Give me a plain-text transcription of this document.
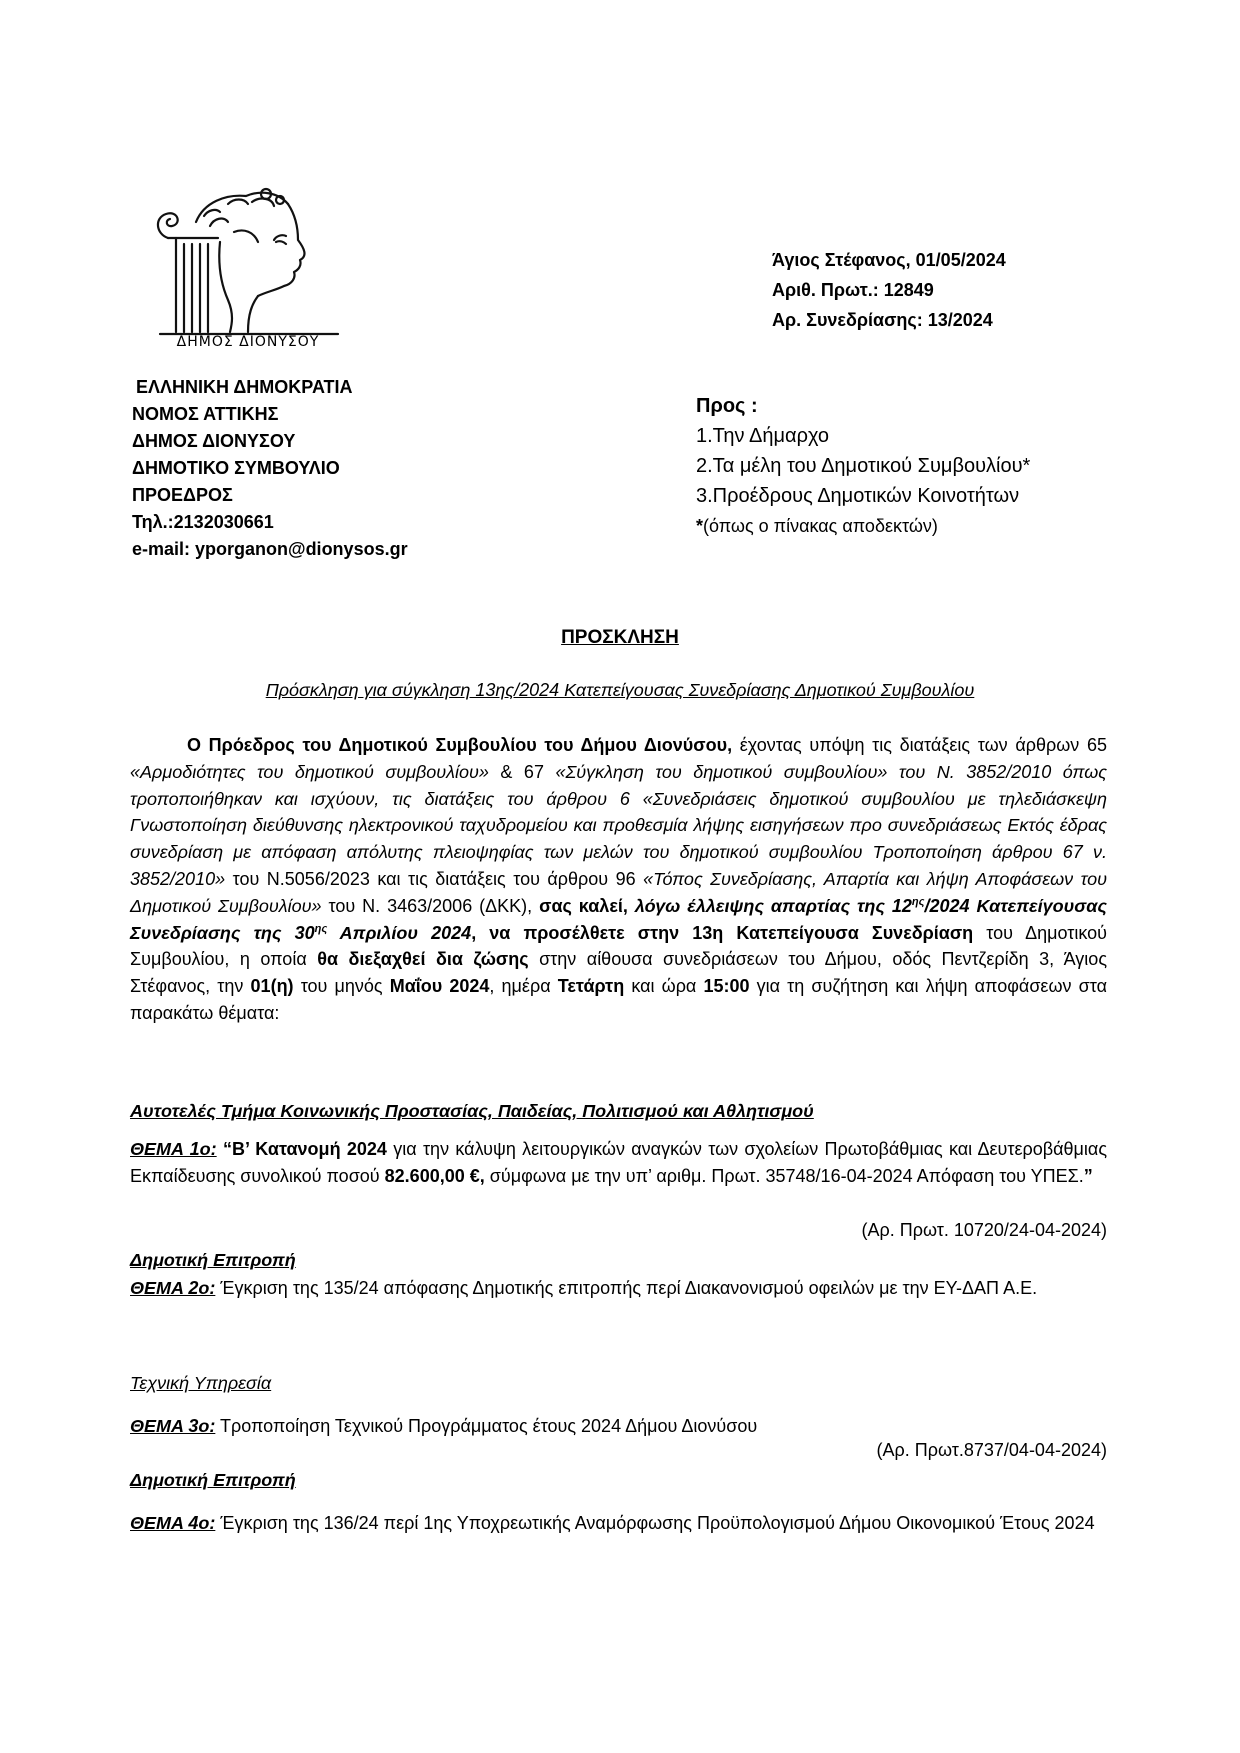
ΔΗΜΟΣ ΔΙΟΝΥΣΟΥ
Άγιος Στέφανος, 01/05/2024
Αριθ. Πρωτ.: 12849
Αρ. Συνεδρίασης: 13/2024
ΕΛΛΗΝΙΚΗ ΔΗΜΟΚΡΑΤΙΑ
ΝΟΜΟΣ ΑΤΤΙΚΗΣ
ΔΗΜΟΣ ΔΙΟΝΥΣΟΥ
ΔΗΜΟΤΙΚΟ ΣΥΜΒΟΥΛΙΟ
ΠΡΟΕΔΡΟΣ
Τηλ.:2132030661
e-mail: yporganon@dionysos.gr
Προς :
1.Την Δήμαρχο
2.Τα μέλη του Δημοτικού Συμβουλίου*
3.Προέδρους Δημοτικών Κοινοτήτων
*(όπως ο πίνακας αποδεκτών)
ΠΡΟΣΚΛΗΣΗ
Πρόσκληση για σύγκληση 13ης/2024 Κατεπείγουσας Συνεδρίασης Δημοτικού Συμβουλίου
Ο Πρόεδρος του Δημοτικού Συμβουλίου του Δήμου Διονύσου, έχοντας υπόψη τις διατάξεις των άρθρων 65 «Αρμοδιότητες του δημοτικού συμβουλίου» & 67 «Σύγκληση του δημοτικού συμβουλίου» του Ν. 3852/2010 όπως τροποποιήθηκαν και ισχύουν, τις διατάξεις του άρθρου 6 «Συνεδριάσεις δημοτικού συμβουλίου με τηλεδιάσκεψη Γνωστοποίηση διεύθυνσης ηλεκτρονικού ταχυδρομείου και προθεσμία λήψης εισηγήσεων προ συνεδριάσεως Εκτός έδρας συνεδρίαση με απόφαση απόλυτης πλειοψηφίας των μελών του δημοτικού συμβουλίου Τροποποίηση άρθρου 67 ν. 3852/2010» του Ν.5056/2023 και τις διατάξεις του άρθρου 96 «Τόπος Συνεδρίασης, Απαρτία και λήψη Αποφάσεων του Δημοτικού Συμβουλίου» του Ν. 3463/2006 (ΔΚΚ), σας καλεί, λόγω έλλειψης απαρτίας της $12^{\eta\varsigma}/2024$ Κατεπείγουσας Συνεδρίασης της $30^{\eta\varsigma}$ Απριλίου 2024, να προσέλθετε στην 13η Κατεπείγουσα Συνεδρίαση του Δημοτικού Συμβουλίου, η οποία θα διεξαχθεί δια ζώσης στην αίθουσα συνεδριάσεων του Δήμου, οδός Πεντζερίδη 3, Άγιος Στέφανος, την 01(η) του μηνός Μαΐου 2024, ημέρα Τετάρτη και ώρα 15:00 για τη συζήτηση και λήψη αποφάσεων στα παρακάτω θέματα:
Αυτοτελές Τμήμα Κοινωνικής Προστασίας, Παιδείας, Πολιτισμού και Αθλητισμού
ΘΕΜΑ 1ο: “Β’ Κατανομή 2024 για την κάλυψη λειτουργικών αναγκών των σχολείων Πρωτοβάθμιας και Δευτεροβάθμιας Εκπαίδευσης συνολικού ποσού 82.600,00 €, σύμφωνα με την υπ’ αριθμ. Πρωτ. 35748/16-04-2024 Απόφαση του ΥΠΕΣ.”
(Αρ. Πρωτ. 10720/24-04-2024)
Δημοτική Επιτροπή
ΘΕΜΑ 2ο: Έγκριση της 135/24 απόφασης Δημοτικής επιτροπής περί Διακανονισμού οφειλών με την ΕΥ-ΔΑΠ Α.Ε.
Τεχνική Υπηρεσία
ΘΕΜΑ 3ο: Τροποποίηση Τεχνικού Προγράμματος έτους 2024 Δήμου Διονύσου
(Αρ. Πρωτ.8737/04-04-2024)
Δημοτική Επιτροπή
ΘΕΜΑ 4ο: Έγκριση της 136/24 περί 1ης Υποχρεωτικής Αναμόρφωσης Προϋπολογισμού Δήμου Οικονομικού Έτους 2024
